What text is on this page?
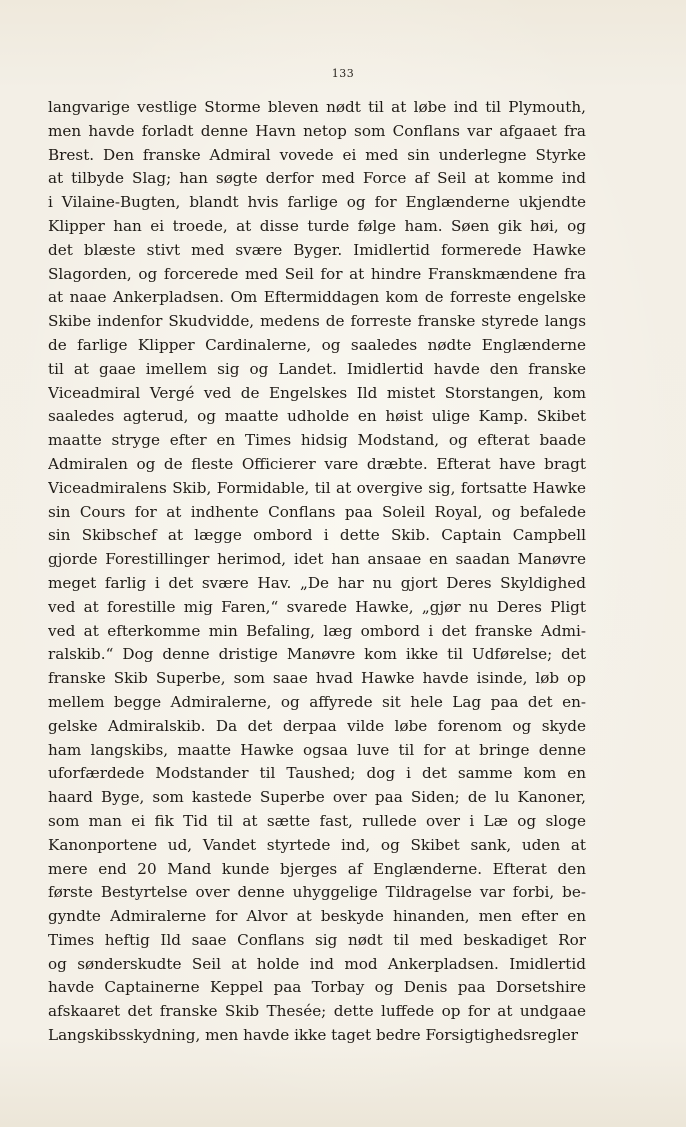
133
langvarige vestlige Storme bleven nødt til at løbe ind til Plymouth,
men havde forladt denne Havn netop som Conflans var afgaaet fra
Brest. Den franske Admiral vovede ei med sin underlegne Styrke
at tilbyde Slag; han søgte derfor med Force af Seil at komme ind
i Vilaine-Bugten, blandt hvis farlige og for Englænderne ukjendte
Klipper han ei troede, at disse turde følge ham. Søen gik høi, og
det blæste stivt med svære Byger. Imidlertid formerede Hawke
Slagorden, og forcerede med Seil for at hindre Franskmændene fra
at naae Ankerpladsen. Om Eftermiddagen kom de forreste engelske
Skibe indenfor Skudvidde, medens de forreste franske styrede langs
de farlige Klipper Cardinalerne, og saaledes nødte Englænderne
til at gaae imellem sig og Landet. Imidlertid havde den franske
Viceadmiral Vergé ved de Engelskes Ild mistet Storstangen, kom
saaledes agterud, og maatte udholde en høist ulige Kamp. Skibet
maatte stryge efter en Times hidsig Modstand, og efterat baade
Admiralen og de fleste Officierer vare dræbte. Efterat have bragt
Viceadmiralens Skib, Formidable, til at overgive sig, fortsatte Hawke
sin Cours for at indhente Conflans paa Soleil Royal, og befalede
sin Skibschef at lægge ombord i dette Skib. Captain Campbell
gjorde Forestillinger herimod, idet han ansaae en saadan Manøvre
meget farlig i det svære Hav. „De har nu gjort Deres Skyldighed
ved at forestille mig Faren,“ svarede Hawke, „gjør nu Deres Pligt
ved at efterkomme min Befaling, læg ombord i det franske Admi-
ralskib.“ Dog denne dristige Manøvre kom ikke til Udførelse; det
franske Skib Superbe, som saae hvad Hawke havde isinde, løb op
mellem begge Admiralerne, og affyrede sit hele Lag paa det en-
gelske Admiralskib. Da det derpaa vilde løbe forenom og skyde
ham langskibs, maatte Hawke ogsaa luve til for at bringe denne
uforfærdede Modstander til Taushed; dog i det samme kom en
haard Byge, som kastede Superbe over paa Siden; de lu Kanoner,
som man ei fik Tid til at sætte fast, rullede over i Læ og sloge
Kanonportene ud, Vandet styrtede ind, og Skibet sank, uden at
mere end 20 Mand kunde bjerges af Englænderne. Efterat den
første Bestyrtelse over denne uhyggelige Tildragelse var forbi, be-
gyndte Admiralerne for Alvor at beskyde hinanden, men efter en
Times heftig Ild saae Conflans sig nødt til med beskadiget Ror
og sønderskudte Seil at holde ind mod Ankerpladsen. Imidlertid
havde Captainerne Keppel paa Torbay og Denis paa Dorsetshire
afskaaret det franske Skib Thesée; dette luffede op for at undgaae
Langskibsskydning, men havde ikke taget bedre Forsigtighedsregler
